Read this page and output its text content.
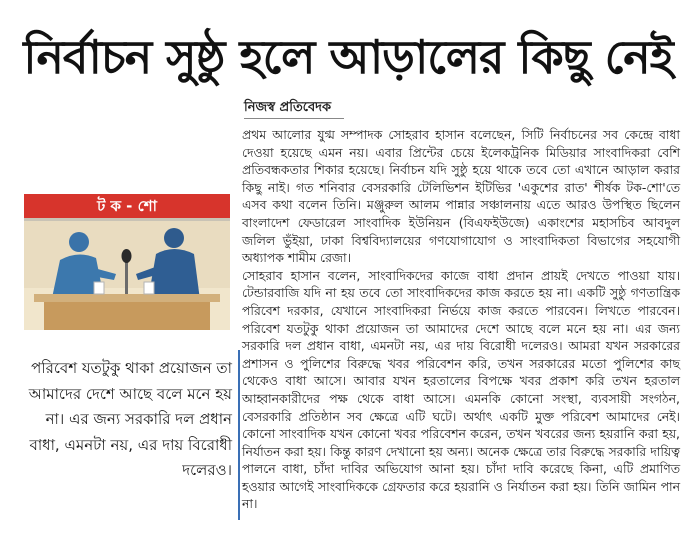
নির্বাচন সুষ্ঠু হলে আড়ালের কিছু নেই
নিজস্ব প্রতিবেদক

প্রথম আলোর যুগ্ম সম্পাদক সোহরাব হাসান বলেছেন, সিটি নির্বাচনের সব কেন্দ্রে বাধা দেওয়া হয়েছে এমন নয়। এবার প্রিন্টের চেয়ে ইলেকট্রনিক মিডিয়ার সাংবাদিকরা বেশি প্রতিবন্ধকতার শিকার হয়েছে। নির্বাচন যদি সুষ্ঠু হয়ে থাকে তবে তো এখানে আড়াল করার কিছু নাই। গত শনিবার বেসরকারি টেলিভিশন ইটিভির 'একুশের রাত' শীর্ষক টক-শো'তে এসব কথা বলেন তিনি। মঞ্জুরুল আলম পান্নার সঞ্চালনায় এতে আরও উপস্থিত ছিলেন বাংলাদেশ ফেডারেল সাংবাদিক ইউনিয়ন (বিএফইউজে) একাংশের মহাসচিব আবদুল জলিল ভুঁইয়া, ঢাকা বিশ্ববিদ্যালয়ের গণযোগাযোগ ও সাংবাদিকতা বিভাগের সহযোগী অধ্যাপক শামীম রেজা।

সোহরাব হাসান বলেন, সাংবাদিকদের কাজে বাধা প্রদান প্রায়ই দেখতে পাওয়া যায়। টেন্ডারবাজি যদি না হয় তবে তো সাংবাদিকদের কাজ করতে হয় না। একটি সুষ্ঠু গণতান্ত্রিক পরিবেশ দরকার, যেখানে সাংবাদিকরা নির্ভয়ে কাজ করতে পারবেন। লিখতে পারবেন। পরিবেশ যতটুকু থাকা প্রয়োজন তা আমাদের দেশে আছে বলে মনে হয় না। এর জন্য সরকারি দল প্রধান বাধা, এমনটা নয়, এর দায় বিরোধী দলেরও। আমরা যখন সরকারের প্রশাসন ও পুলিশের বিরুদ্ধে খবর পরিবেশন করি, তখন সরকারের মতো পুলিশের কাছ থেকেও বাধা আসে। আবার যখন হরতালের বিপক্ষে খবর প্রকাশ করি তখন হরতাল আহ্বানকারীদের পক্ষ থেকে বাধা আসে। এমনকি কোনো সংস্থা, ব্যবসায়ী সংগঠন, বেসরকারি প্রতিষ্ঠান সব ক্ষেত্রে এটি ঘটে। অর্থাৎ একটি মুক্ত পরিবেশ আমাদের নেই। কোনো সাংবাদিক যখন কোনো খবর পরিবেশন করেন, তখন খবরের জন্য হয়রানি করা হয়, নির্যাতন করা হয়। কিন্তু কারণ দেখানো হয় অন্য। অনেক ক্ষেত্রে তার বিরুদ্ধে সরকারি দায়িত্ব পালনে বাধা, চাঁদা দাবির অভিযোগ আনা হয়। চাঁদা দাবি করেছে কিনা, এটি প্রমাণিত হওয়ার আগেই সাংবাদিককে গ্রেফতার করে হয়রানি ও নির্যাতন করা হয়। তিনি জামিন পান না।

ট ক - শো
পরিবেশ যতটুকু থাকা প্রয়োজন তা আমাদের দেশে আছে বলে মনে হয় না। এর জন্য সরকারি দল প্রধান বাধা, এমনটা নয়, এর দায় বিরোধী দলেরও।
